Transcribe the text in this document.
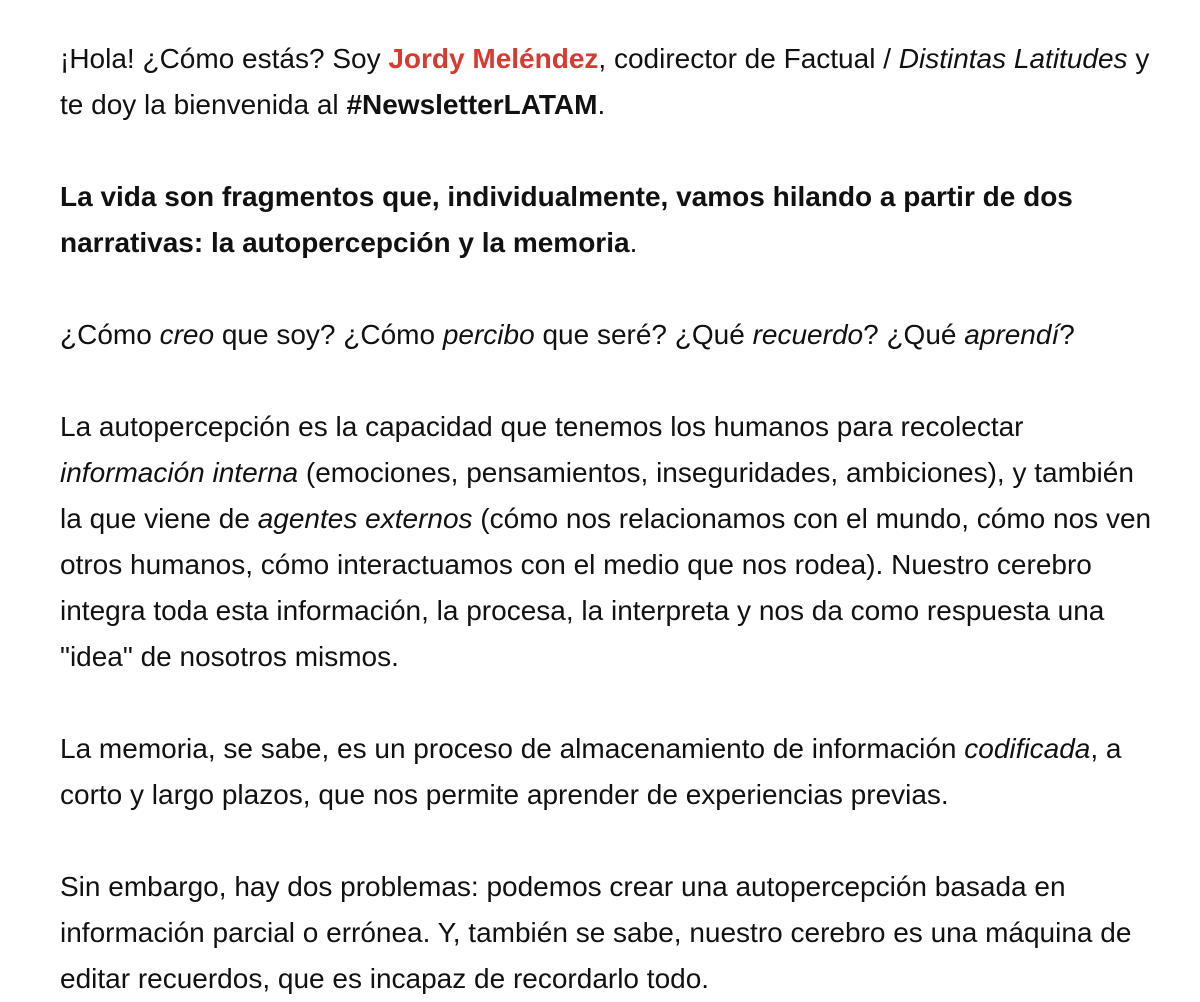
¡Hola! ¿Cómo estás? Soy Jordy Meléndez, codirector de Factual / Distintas Latitudes y te doy la bienvenida al #NewsletterLATAM.

La vida son fragmentos que, individualmente, vamos hilando a partir de dos narrativas: la autopercepción y la memoria.

¿Cómo creo que soy? ¿Cómo percibo que seré? ¿Qué recuerdo? ¿Qué aprendí?

La autopercepción es la capacidad que tenemos los humanos para recolectar información interna (emociones, pensamientos, inseguridades, ambiciones), y también la que viene de agentes externos (cómo nos relacionamos con el mundo, cómo nos ven otros humanos, cómo interactuamos con el medio que nos rodea). Nuestro cerebro integra toda esta información, la procesa, la interpreta y nos da como respuesta una "idea" de nosotros mismos.

La memoria, se sabe, es un proceso de almacenamiento de información codificada, a corto y largo plazos, que nos permite aprender de experiencias previas.

Sin embargo, hay dos problemas: podemos crear una autopercepción basada en información parcial o errónea. Y, también se sabe, nuestro cerebro es una máquina de editar recuerdos, que es incapaz de recordarlo todo.
